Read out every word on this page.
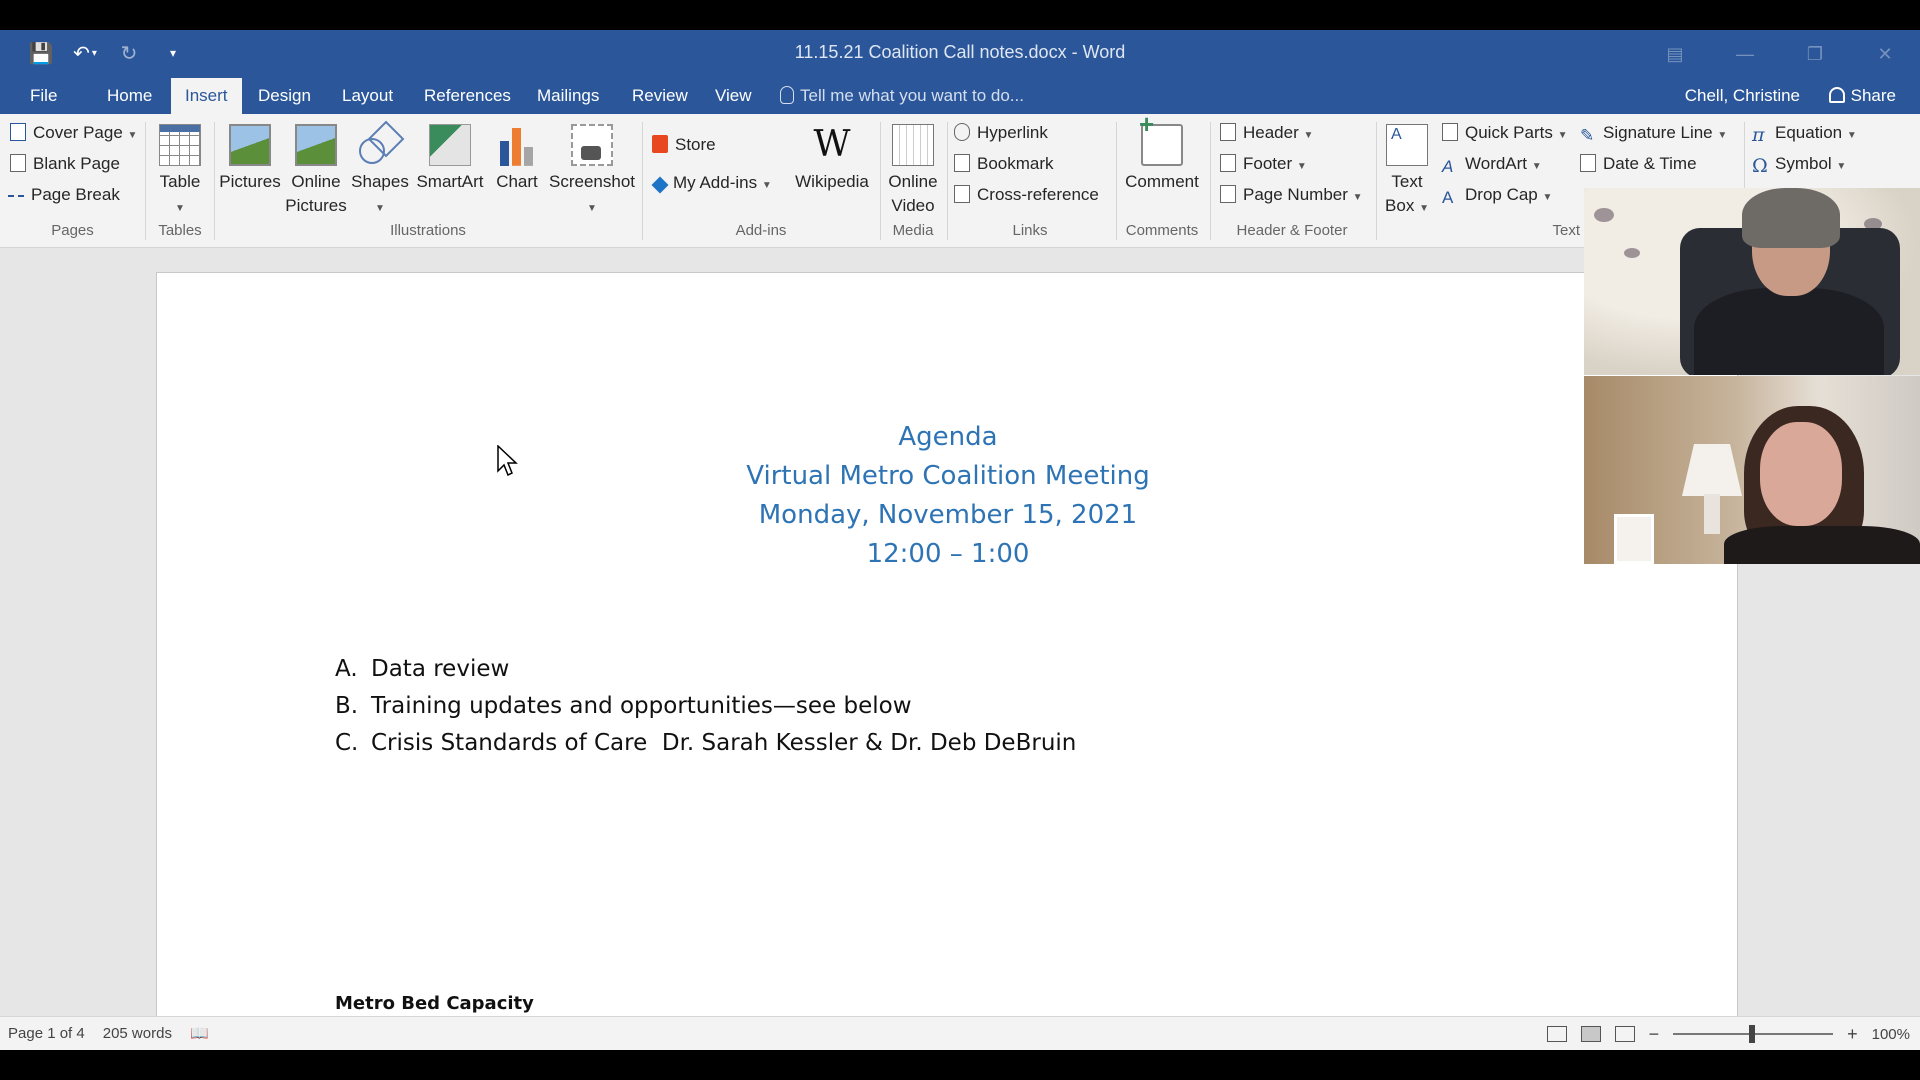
💾 ↶ ▾ ↻	▾	11.15.21 Coalition Call notes.docx - Word	▤	—	❐	✕
File	Home	Insert	Design	Layout	References	Mailings	Review	View	Tell me what you want to do...	Chell, Christine	Share
Cover Page ▼
Blank Page
Page Break
Pages
Table
▼
Tables
Pictures Online Pictures
Shapes
▼
SmartArt Chart Screenshot
▼
Illustrations
Store
My Add-ins ▼
W
Wikipedia
Add-ins
Online Video
Media
Hyperlink
Bookmark
Cross-reference
Links
+
Comment
Comments
Header ▼
Footer ▼
Page Number ▼
Header & Footer
A
Text Box ▼
Quick Parts ▼
A WordArt ▼
A Drop Cap ▼
✎ Signature Line ▼
Date & Time
Text
π Equation ▼
Ω Symbol ▼
Agenda
Virtual Metro Coalition Meeting
Monday, November 15, 2021
12:00 – 1:00
A. Data review
B. Training updates and opportunities—see below
C. Crisis Standards of Care  Dr. Sarah Kessler & Dr. Deb DeBruin
Metro Bed Capacity
Page 1 of 4 205 words 📖	−	+ 100%
